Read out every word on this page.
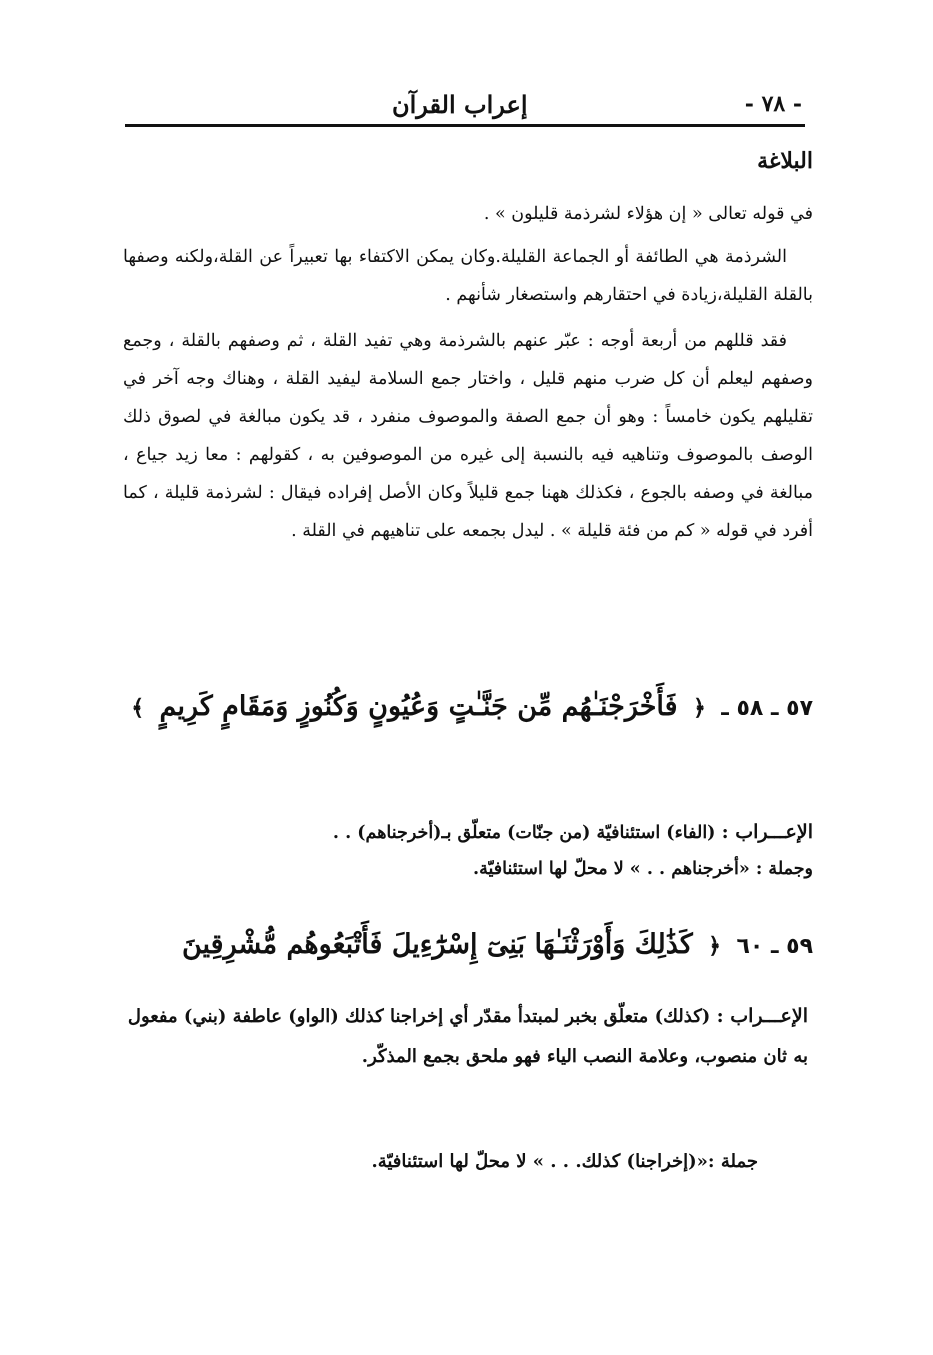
- ٧٨ -
إعراب القرآن
البلاغة
في قوله تعالى « إن هؤلاء لشرذمة قليلون » .
الشرذمة هي الطائفة أو الجماعة القليلة.وكان يمكن الاكتفاء بها تعبيراً عن القلة،ولكنه وصفها بالقلة القليلة،زيادة في احتقارهم واستصغار شأنهم .
فقد قللهم من أربعة أوجه : عبّر عنهم بالشرذمة وهي تفيد القلة ، ثم وصفهم بالقلة ، وجمع وصفهم ليعلم أن كل ضرب منهم قليل ، واختار جمع السلامة ليفيد القلة ، وهناك وجه آخر في تقليلهم يكون خامساً : وهو أن جمع الصفة والموصوف منفرد ، قد يكون مبالغة في لصوق ذلك الوصف بالموصوف وتناهيه فيه بالنسبة إلى غيره من الموصوفين به ، كقولهم : معا زيد جياع ، مبالغة في وصفه بالجوع ، فكذلك ههنا جمع قليلاً وكان الأصل إفراده فيقال : لشرذمة قليلة ، كما أفرد في قوله « كم من فئة قليلة » . ليدل بجمعه على تناهيهم في القلة .
٥٧ ـ ٥٨ ـ ﴿ فَأَخْرَجْنَـٰهُم مِّن جَنَّـٰتٍ وَعُيُونٍ وَكُنُوزٍ وَمَقَامٍ كَرِيمٍ ﴾
الإعـــراب : (الفاء) استئنافيّة (من جنّات) متعلّق بـ(أخرجناهم) . .
وجملة : «أخرجناهم . . » لا محلّ لها استئنافيّة.
٥٩ ـ ٦٠ ﴿ كَذَٰلِكَ وَأَوْرَثْنَـٰهَا بَنِىٓ إِسْرَٰٓءِيلَ فَأَتْبَعُوهُم مُّشْرِقِينَ
الإعـــراب : (كذلك) متعلّق بخبر لمبتدأ مقدّر أي إخراجنا كذلك (الواو) عاطفة (بني) مفعول به ثان منصوب، وعلامة النصب الياء فهو ملحق بجمع المذكّر.
جملة :«(إخراجنا) كذلك. . . » لا محلّ لها استئنافيّة.
